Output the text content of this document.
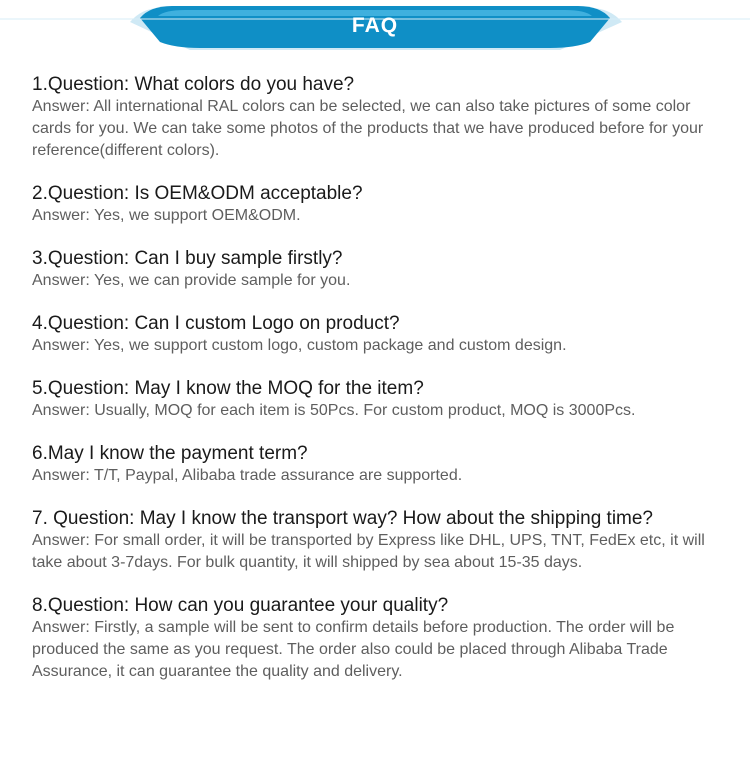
FAQ
1.Question: What colors do you have?
Answer: All international RAL colors can be selected, we can also take pictures of some color cards for you. We can take some photos of the products that we have produced before for your reference(different colors).
2.Question: Is OEM&ODM acceptable?
Answer: Yes, we support OEM&ODM.
3.Question: Can I buy sample firstly?
Answer: Yes, we can provide sample for you.
4.Question: Can I custom Logo on product?
Answer: Yes, we support custom logo, custom package and custom design.
5.Question: May I know the MOQ for the item?
Answer: Usually, MOQ for each item is 50Pcs. For custom product, MOQ is 3000Pcs.
6.May I know the payment term?
Answer: T/T, Paypal, Alibaba trade assurance are supported.
7. Question: May I know the transport way? How about the shipping time?
Answer: For small order, it will be transported by Express like DHL, UPS, TNT, FedEx etc, it will take about 3-7days. For bulk quantity, it will shipped by sea about 15-35 days.
8.Question: How can you guarantee your quality?
Answer: Firstly, a sample will be sent to confirm details before production. The order will be produced the same as you request. The order also could be placed through Alibaba Trade Assurance, it can guarantee the quality and delivery.
